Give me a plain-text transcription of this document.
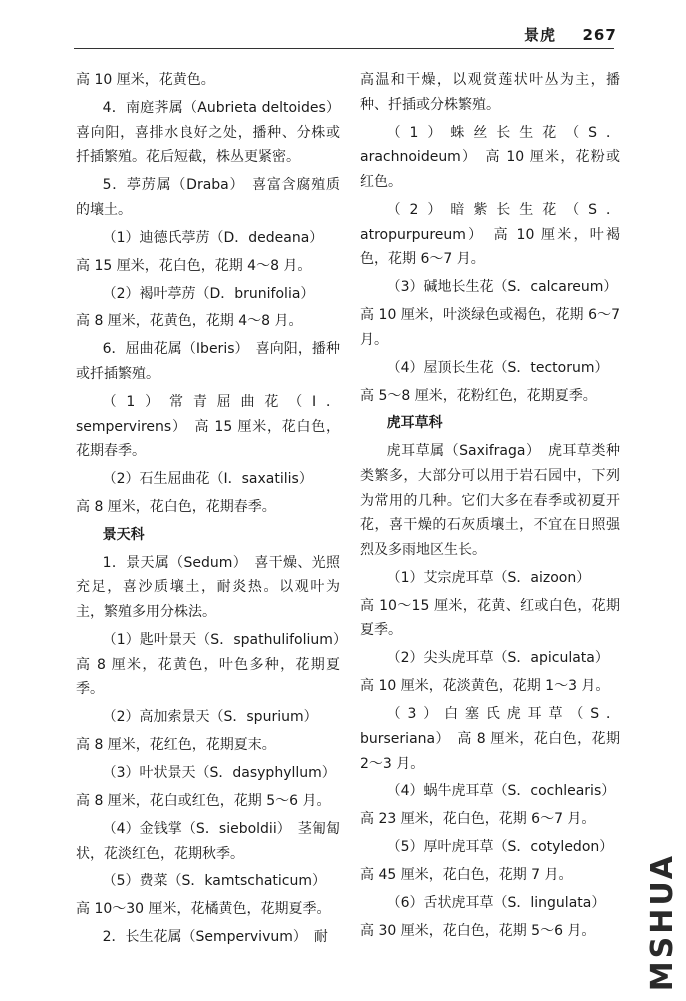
景虎 267

高 10 厘米，花黄色。

4．南庭荠属（Aubrieta deltoides）喜向阳，喜排水良好之处，播种、分株或扦插繁殖。花后短截，株丛更紧密。

5．葶苈属（Draba）　喜富含腐殖质的壤土。

（1）迪德氏葶苈（D．dedeana）

高 15 厘米，花白色，花期 4～8 月。

（2）褐叶葶苈（D．brunifolia）

高 8 厘米，花黄色，花期 4～8 月。

6．屈曲花属（Iberis）　喜向阳，播种或扦插繁殖。

（1）常青屈曲花（I．sempervirens）　高 15 厘米，花白色，花期春季。

（2）石生屈曲花（I．saxatilis）

高 8 厘米，花白色，花期春季。

景天科

1．景天属（Sedum）　喜干燥、光照充足，喜沙质壤土，耐炎热。以观叶为主，繁殖多用分株法。

（1）匙叶景天（S．spathulifolium）　高 8 厘米，花黄色，叶色多种，花期夏季。

（2）高加索景天（S．spurium）

高 8 厘米，花红色，花期夏末。

（3）叶状景天（S．dasyphyllum）

高 8 厘米，花白或红色，花期 5～6 月。

（4）金钱掌（S．sieboldii）　茎匍匐状，花淡红色，花期秋季。

（5）费菜（S．kamtschaticum）

高 10～30 厘米，花橘黄色，花期夏季。

2．长生花属（Sempervivum）　耐

高温和干燥，以观赏莲状叶丛为主，播种、扦插或分株繁殖。

（1）蛛丝长生花（S．arachnoideum）　高 10 厘米，花粉或红色。

（2）暗紫长生花（S．atropurpureum）　高 10 厘米，叶褐色，花期 6～7 月。

（3）碱地长生花（S．calcareum）

高 10 厘米，叶淡绿色或褐色，花期 6～7 月。

（4）屋顶长生花（S．tectorum）

高 5～8 厘米，花粉红色，花期夏季。

虎耳草科

虎耳草属（Saxifraga）　虎耳草类种类繁多，大部分可以用于岩石园中，下列为常用的几种。它们大多在春季或初夏开花，喜干燥的石灰质壤土，不宜在日照强烈及多雨地区生长。

（1）艾宗虎耳草（S．aizoon）

高 10～15 厘米，花黄、红或白色，花期夏季。

（2）尖头虎耳草（S．apiculata）

高 10 厘米，花淡黄色，花期 1～3 月。

（3）白塞氏虎耳草（S．burseriana）　高 8 厘米，花白色，花期 2～3 月。

（4）蜗牛虎耳草（S．cochlearis）

高 23 厘米，花白色，花期 6～7 月。

（5）厚叶虎耳草（S．cotyledon）

高 45 厘米，花白色，花期 7 月。

（6）舌状虎耳草（S．lingulata）

高 30 厘米，花白色，花期 5～6 月。	MSHUA
